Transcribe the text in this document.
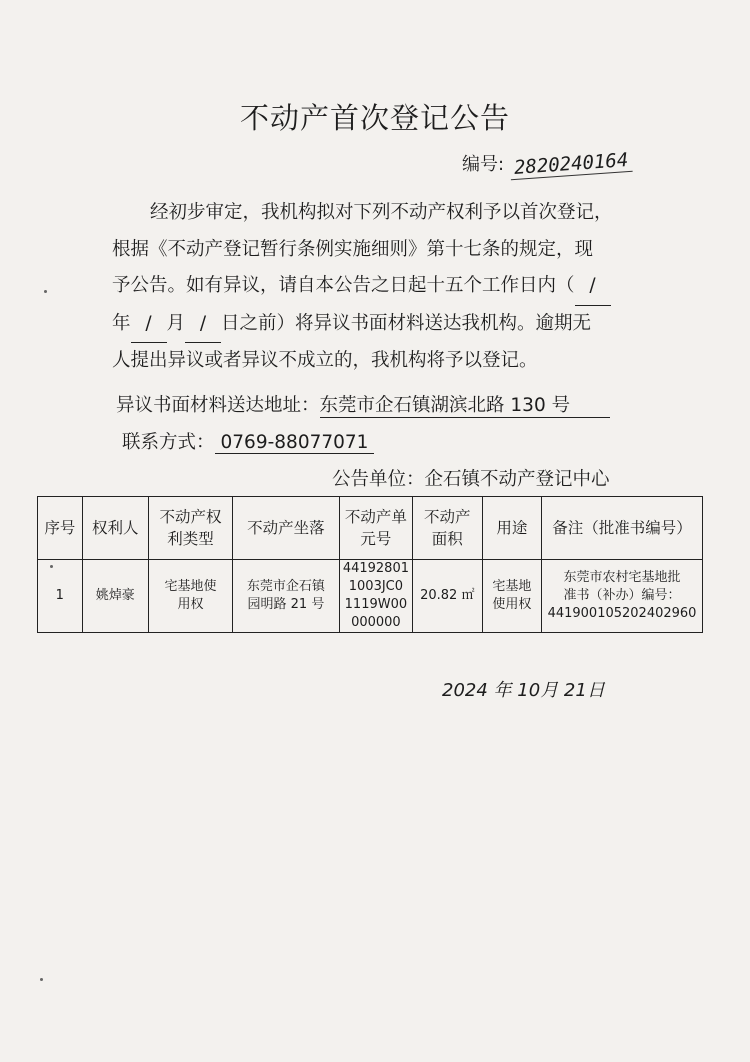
不动产首次登记公告
编号: 2820240164

经初步审定，我机构拟对下列不动产权利予以首次登记，

根据《不动产登记暂行条例实施细则》第十七条的规定，现

予公告。如有异议，请自本公告之日起十五个工作日内（/

年 / 月 / 日之前）将异议书面材料送达我机构。逾期无

人提出异议或者异议不成立的，我机构将予以登记。

异议书面材料送达地址：东莞市企石镇湖滨北路 130 号
联系方式： 0769-88077071
公告单位：企石镇不动产登记中心
序号	权利人	不动产权
利类型	不动产坐落	不动产单
元号	不动产
面积	用途	备注（批准书编号）
1	姚焯豪	宅基地使
用权	东莞市企石镇
园明路 21 号	44192801
1003JC0
1119W00
000000	20.82 ㎡	宅基地
使用权	东莞市农村宅基地批
准书（补办）编号：
441900105202402960
2024 年 10月 21日
